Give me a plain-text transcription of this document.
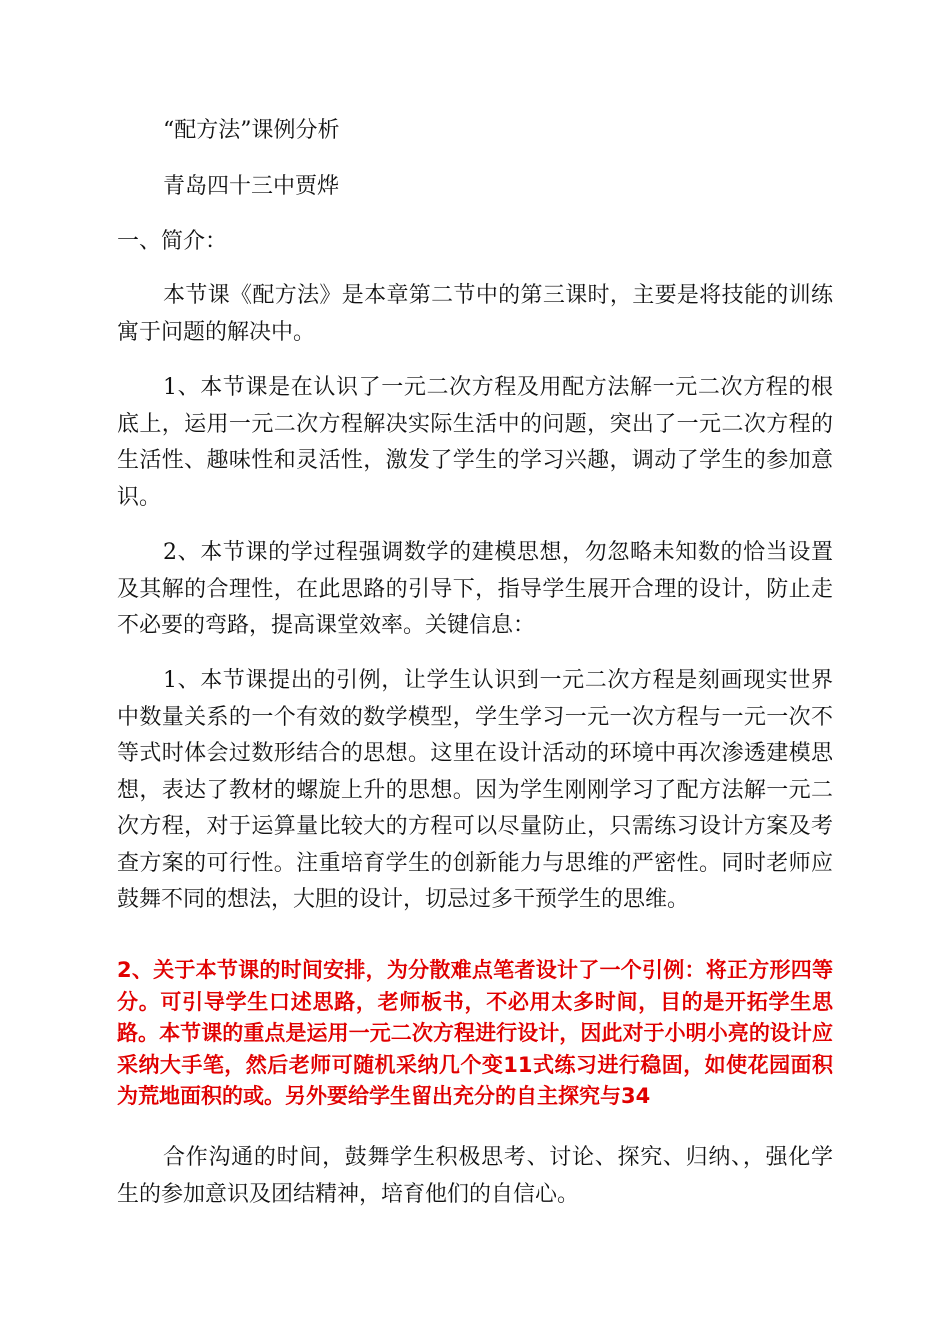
“配方法”课例分析
青岛四十三中贾烨
一、简介：

本节课《配方法》是本章第二节中的第三课时，主要是将技能的训练寓于问题的解决中。

1、本节课是在认识了一元二次方程及用配方法解一元二次方程的根底上，运用一元二次方程解决实际生活中的问题，突出了一元二次方程的生活性、趣味性和灵活性，激发了学生的学习兴趣，调动了学生的参加意识。

2、本节课的学过程强调数学的建模思想，勿忽略未知数的恰当设置及其解的合理性，在此思路的引导下，指导学生展开合理的设计，防止走不必要的弯路，提高课堂效率。关键信息：

1、本节课提出的引例，让学生认识到一元二次方程是刻画现实世界中数量关系的一个有效的数学模型，学生学习一元一次方程与一元一次不等式时体会过数形结合的思想。这里在设计活动的环境中再次渗透建模思想，表达了教材的螺旋上升的思想。因为学生刚刚学习了配方法解一元二次方程，对于运算量比较大的方程可以尽量防止，只需练习设计方案及考查方案的可行性。注重培育学生的创新能力与思维的严密性。同时老师应鼓舞不同的想法，大胆的设计，切忌过多干预学生的思维。

2、关于本节课的时间安排，为分散难点笔者设计了一个引例：将正方形四等分。可引导学生口述思路，老师板书，不必用太多时间，目的是开拓学生思路。本节课的重点是运用一元二次方程进行设计，因此对于小明小亮的设计应采纳大手笔，然后老师可随机采纳几个变11式练习进行稳固，如使花园面积为荒地面积的或。另外要给学生留出充分的自主探究与34

合作沟通的时间，鼓舞学生积极思考、讨论、探究、归纳、，强化学生的参加意识及团结精神，培育他们的自信心。
